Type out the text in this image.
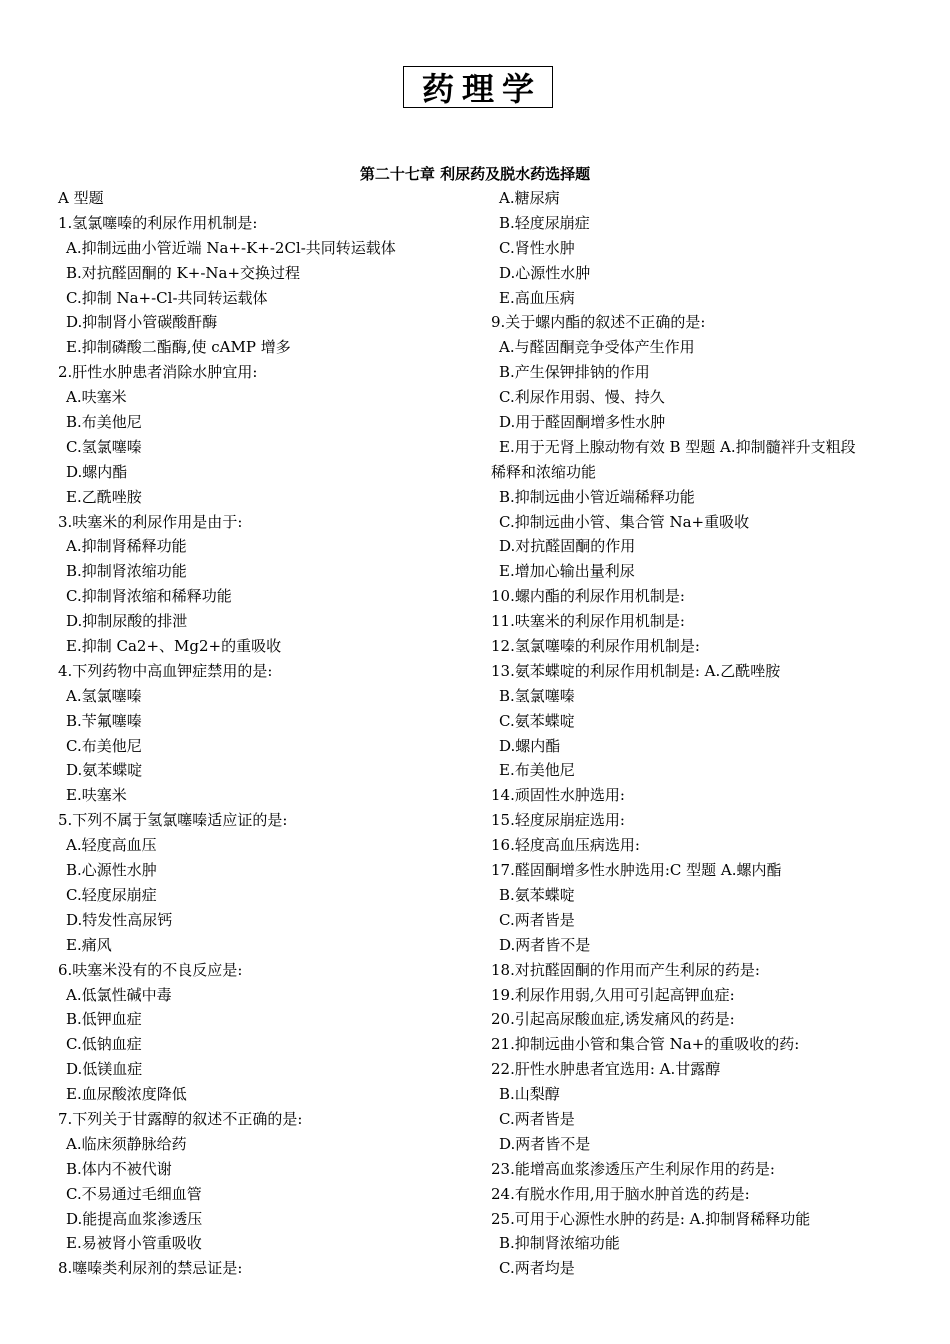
药理学
第二十七章 利尿药及脱水药选择题
A 型题
1.氢氯噻嗪的利尿作用机制是:
A.抑制远曲小管近端 Na+-K+-2Cl-共同转运载体
B.对抗醛固酮的 K+-Na+交换过程
C.抑制 Na+-Cl-共同转运载体
D.抑制肾小管碳酸酐酶
E.抑制磷酸二酯酶,使 cAMP 增多
2.肝性水肿患者消除水肿宜用:
A.呋塞米
B.布美他尼
C.氢氯噻嗪
D.螺内酯
E.乙酰唑胺
3.呋塞米的利尿作用是由于:
A.抑制肾稀释功能
B.抑制肾浓缩功能
C.抑制肾浓缩和稀释功能
D.抑制尿酸的排泄
E.抑制 Ca2+、Mg2+的重吸收
4.下列药物中高血钾症禁用的是:
A.氢氯噻嗪
B.苄氟噻嗪
C.布美他尼
D.氨苯蝶啶
E.呋塞米
5.下列不属于氢氯噻嗪适应证的是:
A.轻度高血压
B.心源性水肿
C.轻度尿崩症
D.特发性高尿钙
E.痛风
6.呋塞米没有的不良反应是:
A.低氯性碱中毒
B.低钾血症
C.低钠血症
D.低镁血症
E.血尿酸浓度降低
7.下列关于甘露醇的叙述不正确的是:
A.临床须静脉给药
B.体内不被代谢
C.不易通过毛细血管
D.能提高血浆渗透压
E.易被肾小管重吸收
8.噻嗪类利尿剂的禁忌证是:
A.糖尿病
B.轻度尿崩症
C.肾性水肿
D.心源性水肿
E.高血压病
9.关于螺内酯的叙述不正确的是:
A.与醛固酮竞争受体产生作用
B.产生保钾排钠的作用
C.利尿作用弱、慢、持久
D.用于醛固酮增多性水肿
E.用于无肾上腺动物有效 B 型题 A.抑制髓袢升支粗段
稀释和浓缩功能
B.抑制远曲小管近端稀释功能
C.抑制远曲小管、集合管 Na+重吸收
D.对抗醛固酮的作用
E.增加心输出量利尿
10.螺内酯的利尿作用机制是:
11.呋塞米的利尿作用机制是:
12.氢氯噻嗪的利尿作用机制是:
13.氨苯蝶啶的利尿作用机制是: A.乙酰唑胺
B.氢氯噻嗪
C.氨苯蝶啶
D.螺内酯
E.布美他尼
14.顽固性水肿选用:
15.轻度尿崩症选用:
16.轻度高血压病选用:
17.醛固酮增多性水肿选用:C 型题 A.螺内酯
B.氨苯蝶啶
C.两者皆是
D.两者皆不是
18.对抗醛固酮的作用而产生利尿的药是:
19.利尿作用弱,久用可引起高钾血症:
20.引起高尿酸血症,诱发痛风的药是:
21.抑制远曲小管和集合管 Na+的重吸收的药:
22.肝性水肿患者宜选用: A.甘露醇
B.山梨醇
C.两者皆是
D.两者皆不是
23.能增高血浆渗透压产生利尿作用的药是:
24.有脱水作用,用于脑水肿首选的药是:
25.可用于心源性水肿的药是: A.抑制肾稀释功能
B.抑制肾浓缩功能
C.两者均是
